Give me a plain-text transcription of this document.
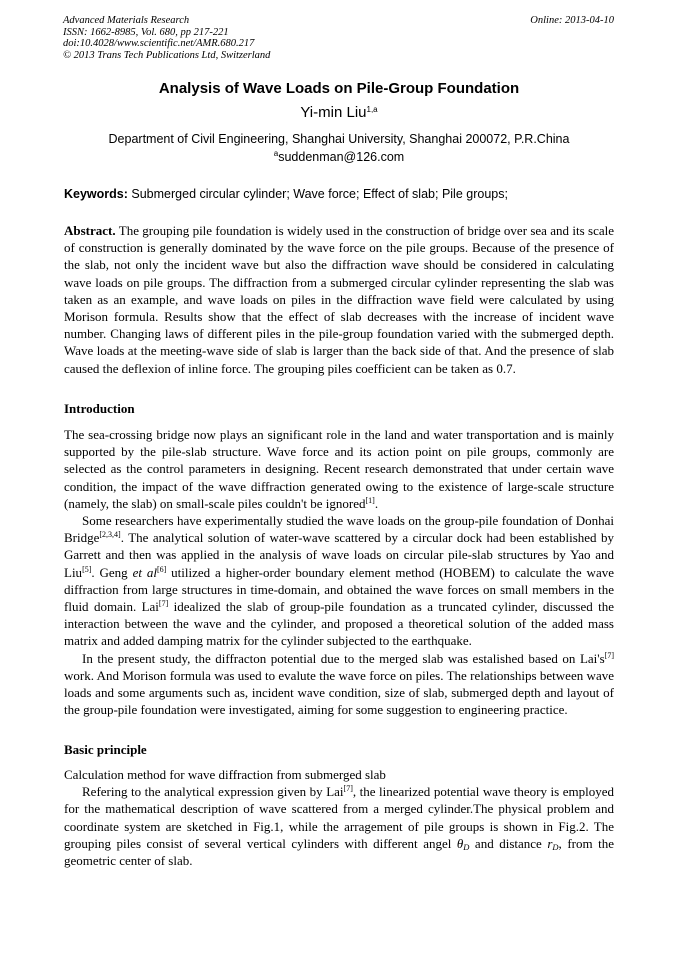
Advanced Materials Research
ISSN: 1662-8985, Vol. 680, pp 217-221
doi:10.4028/www.scientific.net/AMR.680.217
© 2013 Trans Tech Publications Ltd, Switzerland
Online: 2013-04-10
Analysis of Wave Loads on Pile-Group Foundation
Yi-min Liu$^{1,a}$
Department of Civil Engineering, Shanghai University, Shanghai 200072, P.R.China
$^a$suddenman@126.com
Keywords: Submerged circular cylinder; Wave force; Effect of slab; Pile groups;

Abstract. The grouping pile foundation is widely used in the construction of bridge over sea and its scale of construction is generally dominated by the wave force on the pile groups. Because of the presence of the slab, not only the incident wave but also the diffraction wave should be considered in calculating wave loads on pile groups. The diffraction from a submerged circular cylinder representing the slab was taken as an example, and wave loads on piles in the diffraction wave field were calculated by using Morison formula. Results show that the effect of slab decreases with the increase of incident wave number. Changing laws of different piles in the pile-group foundation varied with the submerged depth. Wave loads at the meeting-wave side of slab is larger than the back side of that. And the presence of slab caused the deflexion of inline force. The grouping piles coefficient can be taken as 0.7.

Introduction

The sea-crossing bridge now plays an significant role in the land and water transportation and is mainly supported by the pile-slab structure. Wave force and its action point on pile groups, commonly are selected as the control parameters in designing. Recent research demonstrated that under certain wave condition, the impact of the wave diffraction generated owing to the existence of large-scale structure (namely, the slab) on small-scale piles couldn't be ignored[1].

Some researchers have experimentally studied the wave loads on the group-pile foundation of Donhai Bridge[2,3,4]. The analytical solution of water-wave scattered by a circular dock had been established by Garrett and then was applied in the analysis of wave loads on circular pile-slab structures by Yao and Liu[5]. Geng et al[6] utilized a higher-order boundary element method (HOBEM) to calculate the wave diffraction from large structures in time-domain, and obtained the wave forces on small members in the fluid domain. Lai[7] idealized the slab of group-pile foundation as a truncated cylinder, discussed the interaction between the wave and the cylinder, and proposed a theoretical solution of the added mass matrix and added damping matrix for the cylinder subjected to the earthquake.

In the present study, the diffracton potential due to the merged slab was estalished based on Lai's[7] work. And Morison formula was used to evalute the wave force on piles. The relationships between wave loads and some arguments such as, incident wave condition, size of slab, submerged depth and layout of the group-pile foundation were investigated, aiming for some suggestion to engineering practice.

Basic principle

Calculation method for wave diffraction from submerged slab

Refering to the analytical expression given by Lai[7], the linearized potential wave theory is employed for the mathematical description of wave scattered from a merged cylinder.The physical problem and coordinate system are sketched in Fig.1, while the arragement of pile groups is shown in Fig.2. The grouping piles consist of several vertical cylinders with different angel $\theta_D$ and distance $r_D$, from the geometric center of slab.
